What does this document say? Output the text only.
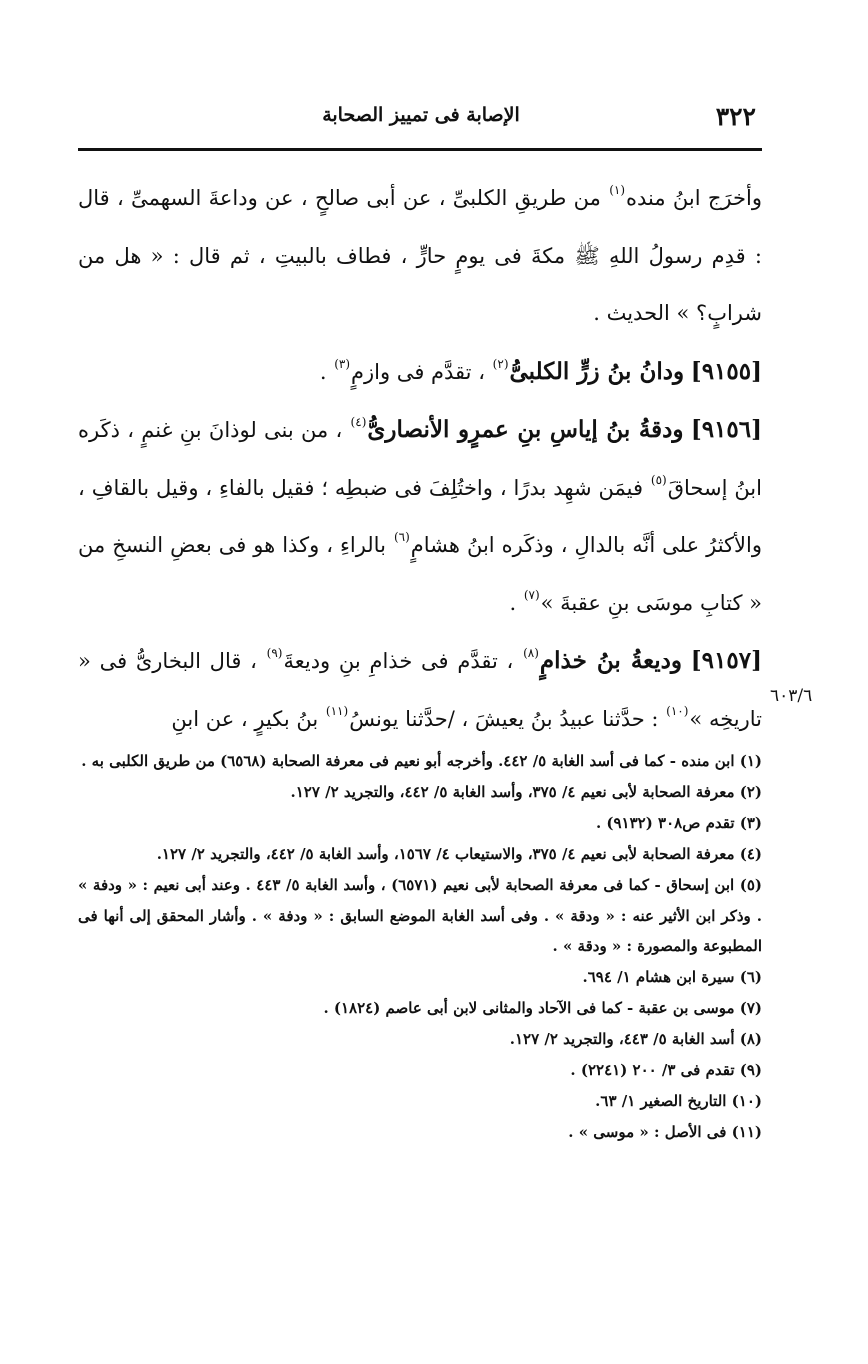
٣٢٢
الإصابة فى تمييز الصحابة
٦٠٣/٦

وأخرَج ابنُ منده$^{(١)}$ من طريقِ الكلبىِّ ، عن أبى صالحٍ ، عن وداعةَ السهمىِّ ، قال : قدِم رسولُ اللهِ ﷺ مكةَ فى يومٍ حارٍّ ، فطاف بالبيتِ ، ثم قال : « هل من شرابٍ؟ » الحديث .

[٩١٥٥] ودانُ بنُ زرٍّ الكلبىُّ$^{(٢)}$ ، تقدَّم فى وازمٍ$^{(٣)}$ .

[٩١٥٦] ودقةُ بنُ إياسِ بنِ عمرٍو الأنصارىُّ$^{(٤)}$ ، من بنى لوذانَ بنِ غنمٍ ، ذكَره ابنُ إسحاقَ$^{(٥)}$ فيمَن شهِد بدرًا ، واختُلِفَ فى ضبطِه ؛ فقيل بالفاءِ ، وقيل بالقافِ ، والأكثرُ على أنَّه بالدالِ ، وذكَره ابنُ هشامٍ$^{(٦)}$ بالراءِ ، وكذا هو فى بعضِ النسخِ من « كتابِ موسَى بنِ عقبةَ »$^{(٧)}$ .

[٩١٥٧] وديعةُ بنُ خذامٍ$^{(٨)}$ ، تقدَّم فى خذامِ بنِ وديعةَ$^{(٩)}$ ، قال البخارىُّ فى « تاريخِه »$^{(١٠)}$ : حدَّثنا عبيدُ بنُ يعيشَ ، /حدَّثنا يونسُ$^{(١١)}$ بنُ بكيرٍ ، عن ابنِ

(١) ابن منده - كما فى أسد الغابة ٥/ ٤٤٢. وأخرجه أبو نعيم فى معرفة الصحابة (٦٥٦٨) من طريق الكلبى به .

(٢) معرفة الصحابة لأبى نعيم ٤/ ٣٧٥، وأسد الغابة ٥/ ٤٤٢، والتجريد ٢/ ١٢٧.

(٣) تقدم ص٣٠٨ (٩١٣٢) .

(٤) معرفة الصحابة لأبى نعيم ٤/ ٣٧٥، والاستيعاب ٤/ ١٥٦٧، وأسد الغابة ٥/ ٤٤٢، والتجريد ٢/ ١٢٧.

(٥) ابن إسحاق - كما فى معرفة الصحابة لأبى نعيم (٦٥٧١) ، وأسد الغابة ٥/ ٤٤٣ . وعند أبى نعيم : « ودفة » . وذكر ابن الأثير عنه : « ودقة » . وفى أسد الغابة الموضع السابق : « ودفة » . وأشار المحقق إلى أنها فى المطبوعة والمصورة : « ودقة » .

(٦) سيرة ابن هشام ١/ ٦٩٤.

(٧) موسى بن عقبة - كما فى الآحاد والمثانى لابن أبى عاصم (١٨٢٤) .

(٨) أسد الغابة ٥/ ٤٤٣، والتجريد ٢/ ١٢٧.

(٩) تقدم فى ٣/ ٢٠٠ (٢٢٤١) .

(١٠) التاريخ الصغير ١/ ٦٣.

(١١) فى الأصل : « موسى » .
